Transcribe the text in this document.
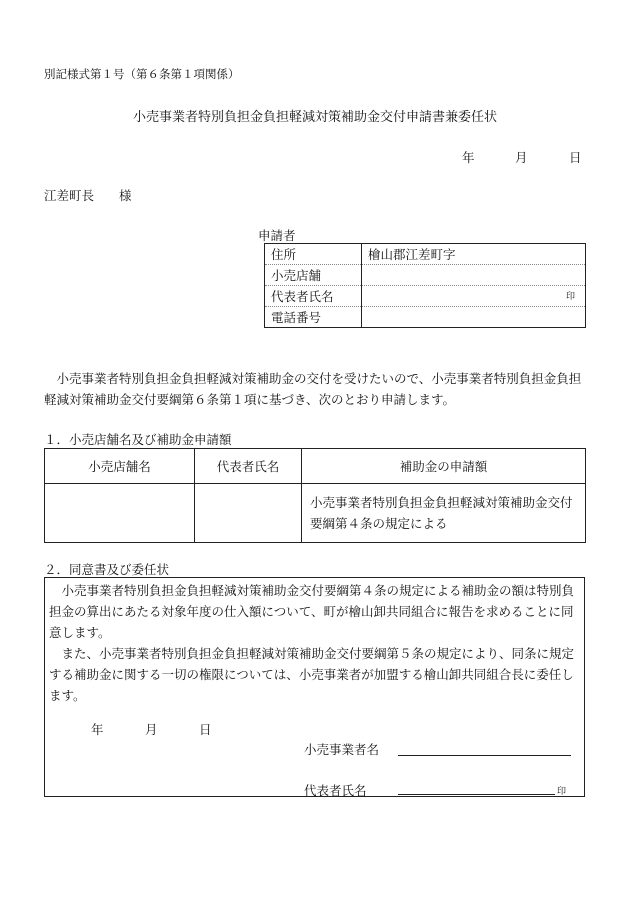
別記様式第１号（第６条第１項関係）
小売事業者特別負担金負担軽減対策補助金交付申請書兼委任状
年	月	日
江差町長　　様
申請者
住所	檜山郡江差町字
小売店舗	
代表者氏名	印

電話番号	
小売事業者特別負担金負担軽減対策補助金の交付を受けたいので、小売事業者特別負担金負担軽減対策補助金交付要綱第６条第１項に基づき、次のとおり申請します。
１．小売店舗名及び補助金申請額
小売店舗名	代表者氏名	補助金の申請額
		小売事業者特別負担金負担軽減対策補助金交付要綱第４条の規定による
２．同意書及び委任状

小売事業者特別負担金負担軽減対策補助金交付要綱第４条の規定による補助金の額は特別負担金の算出にあたる対象年度の仕入額について、町が檜山卸共同組合に報告を求めることに同意します。

また、小売事業者特別負担金負担軽減対策補助金交付要綱第５条の規定により、同条に規定する補助金に関する一切の権限については、小売事業者が加盟する檜山卸共同組合長に委任します。

年	月	日
小売事業者名
代表者氏名	印
